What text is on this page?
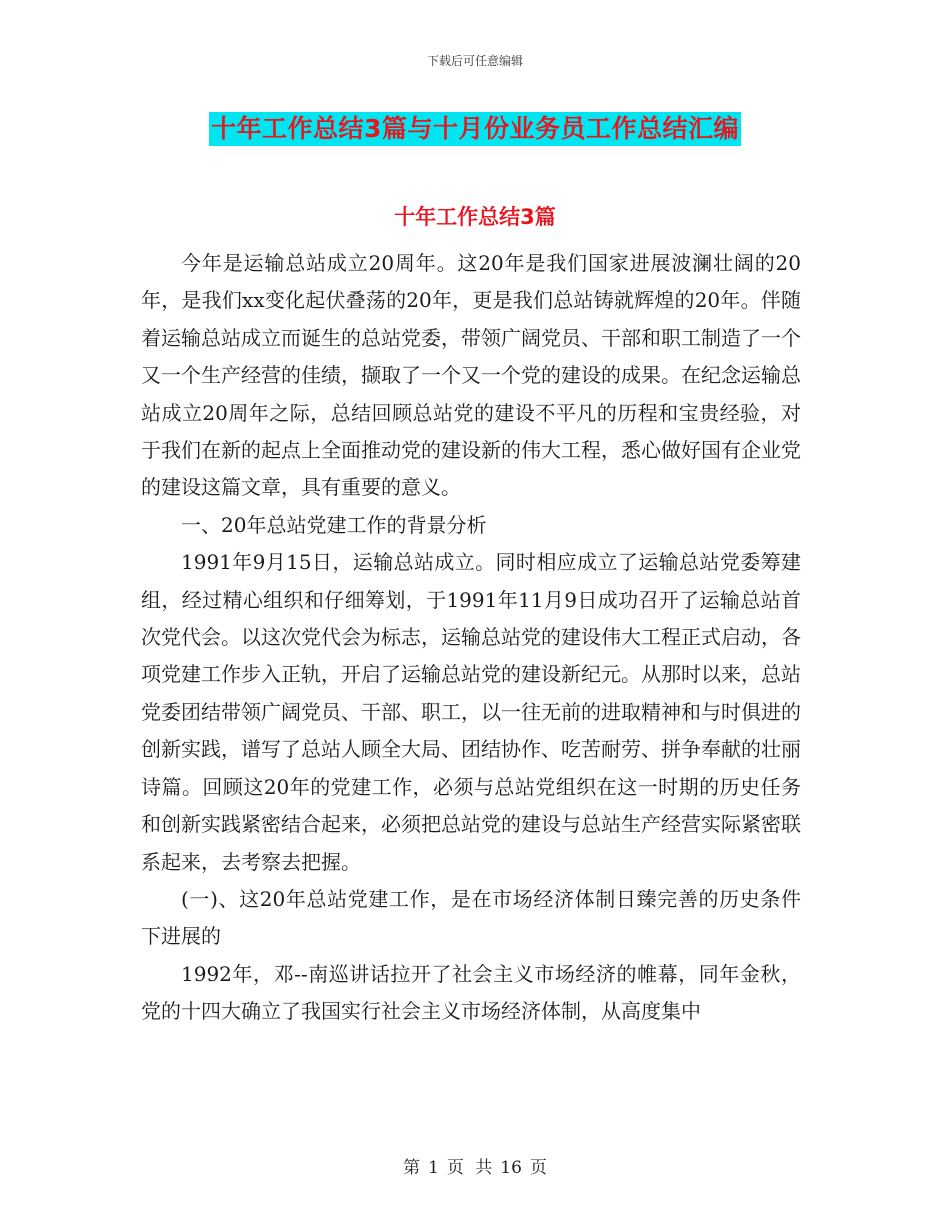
下载后可任意编辑
十年工作总结3篇与十月份业务员工作总结汇编
十年工作总结3篇

今年是运输总站成立20周年。这20年是我们国家进展波澜壮阔的20年，是我们xx变化起伏叠荡的20年，更是我们总站铸就辉煌的20年。伴随着运输总站成立而诞生的总站党委，带领广阔党员、干部和职工制造了一个又一个生产经营的佳绩，撷取了一个又一个党的建设的成果。在纪念运输总站成立20周年之际，总结回顾总站党的建设不平凡的历程和宝贵经验，对于我们在新的起点上全面推动党的建设新的伟大工程，悉心做好国有企业党的建设这篇文章，具有重要的意义。

一、20年总站党建工作的背景分析

1991年9月15日，运输总站成立。同时相应成立了运输总站党委筹建组，经过精心组织和仔细筹划，于1991年11月9日成功召开了运输总站首次党代会。以这次党代会为标志，运输总站党的建设伟大工程正式启动，各项党建工作步入正轨，开启了运输总站党的建设新纪元。从那时以来，总站党委团结带领广阔党员、干部、职工，以一往无前的进取精神和与时俱进的创新实践，谱写了总站人顾全大局、团结协作、吃苦耐劳、拼争奉献的壮丽诗篇。回顾这20年的党建工作，必须与总站党组织在这一时期的历史任务和创新实践紧密结合起来，必须把总站党的建设与总站生产经营实际紧密联系起来，去考察去把握。

(一)、这20年总站党建工作，是在市场经济体制日臻完善的历史条件下进展的

1992年，邓--南巡讲话拉开了社会主义市场经济的帷幕，同年金秋，党的十四大确立了我国实行社会主义市场经济体制，从高度集中

第 1 页 共 16 页
